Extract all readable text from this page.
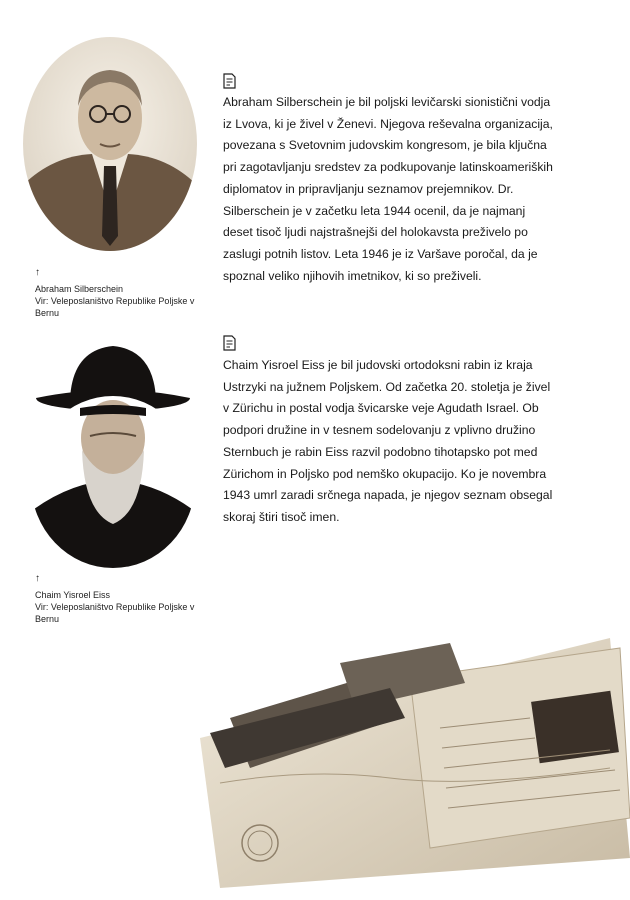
↑
Abraham Silberschein
Vir: Veleposlaništvo Republike Poljske v Bernu
Abraham Silberschein je bil poljski levičarski sionistični vodja iz Lvova, ki je živel v Ženevi. Njegova reševalna organizacija, povezana s Svetovnim judovskim kongresom, je bila ključna pri zagotavljanju sredstev za podkupovanje latinskoameriških diplomatov in pripravljanju seznamov prejemnikov. Dr. Silberschein je v začetku leta 1944 ocenil, da je najmanj deset tisoč ljudi najstrašnejši del holokavsta preživelo po zaslugi potnih listov. Leta 1946 je iz Varšave poročal, da je spoznal veliko njihovih imetnikov, ki so preživeli.
↑
Chaim Yisroel Eiss
Vir: Veleposlaništvo Republike Poljske v Bernu
Chaim Yisroel Eiss je bil judovski ortodoksni rabin iz kraja Ustrzyki na južnem Poljskem. Od začetka 20. stoletja je živel v Zürichu in postal vodja švicarske veje Agudath Israel. Ob podpori družine in v tesnem sodelovanju z vplivno družino Sternbuch je rabin Eiss razvil podobno tihotapsko pot med Zürichom in Poljsko pod nemško okupacijo. Ko je novembra 1943 umrl zaradi srčnega napada, je njegov seznam obsegal skoraj štiri tisoč imen.
